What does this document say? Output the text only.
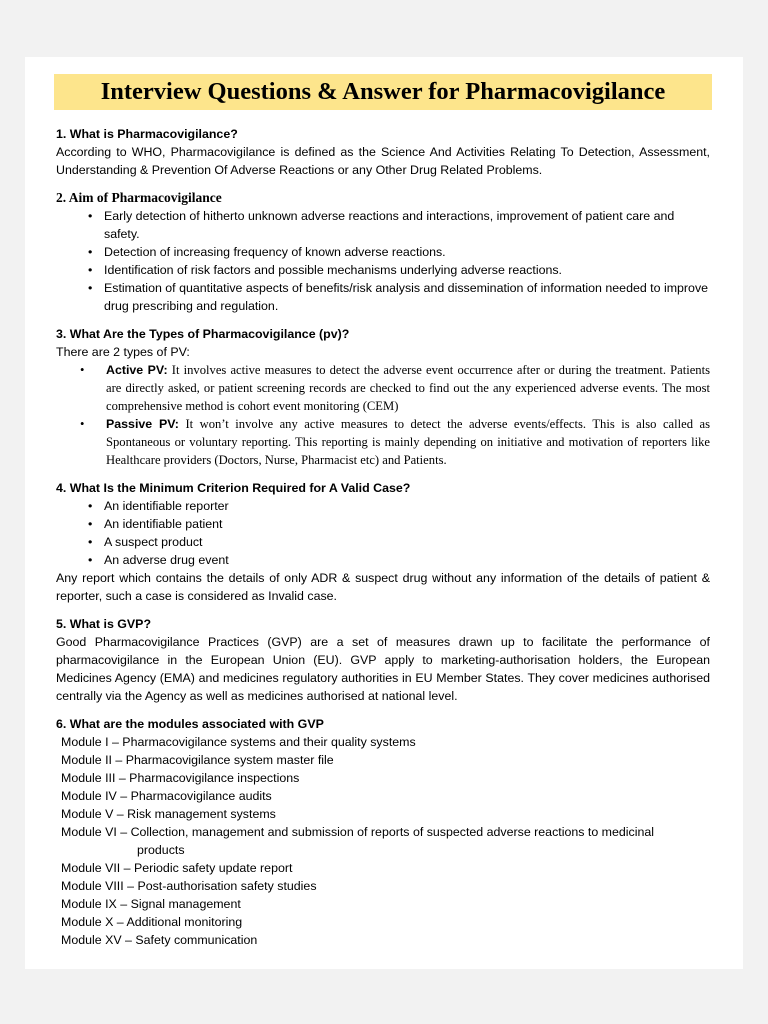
Interview Questions & Answer for Pharmacovigilance
1. What is Pharmacovigilance?
According to WHO, Pharmacovigilance is defined as the Science And Activities Relating To Detection, Assessment, Understanding & Prevention Of Adverse Reactions or any Other Drug Related Problems.
2. Aim of Pharmacovigilance
• Early detection of hitherto unknown adverse reactions and interactions, improvement of patient care and safety.
• Detection of increasing frequency of known adverse reactions.
• Identification of risk factors and possible mechanisms underlying adverse reactions.
• Estimation of quantitative aspects of benefits/risk analysis and dissemination of information needed to improve drug prescribing and regulation.
3. What Are the Types of Pharmacovigilance (pv)?
There are 2 types of PV:
• Active PV: It involves active measures to detect the adverse event occurrence after or during the treatment. Patients are directly asked, or patient screening records are checked to find out the any experienced adverse events. The most comprehensive method is cohort event monitoring (CEM)
• Passive PV: It won’t involve any active measures to detect the adverse events/effects. This is also called as Spontaneous or voluntary reporting. This reporting is mainly depending on initiative and motivation of reporters like Healthcare providers (Doctors, Nurse, Pharmacist etc) and Patients.
4. What Is the Minimum Criterion Required for A Valid Case?
• An identifiable reporter
• An identifiable patient
• A suspect product
• An adverse drug event
Any report which contains the details of only ADR & suspect drug without any information of the details of patient & reporter, such a case is considered as Invalid case.
5. What is GVP?
Good Pharmacovigilance Practices (GVP) are a set of measures drawn up to facilitate the performance of pharmacovigilance in the European Union (EU). GVP apply to marketing-authorisation holders, the European Medicines Agency (EMA) and medicines regulatory authorities in EU Member States. They cover medicines authorised centrally via the Agency as well as medicines authorised at national level.
6. What are the modules associated with GVP
Module I – Pharmacovigilance systems and their quality systems
Module II – Pharmacovigilance system master file
Module III – Pharmacovigilance inspections
Module IV – Pharmacovigilance audits
Module V – Risk management systems
Module VI – Collection, management and submission of reports of suspected adverse reactions to medicinal
products
Module VII – Periodic safety update report
Module VIII – Post-authorisation safety studies
Module IX – Signal management
Module X – Additional monitoring
Module XV – Safety communication
